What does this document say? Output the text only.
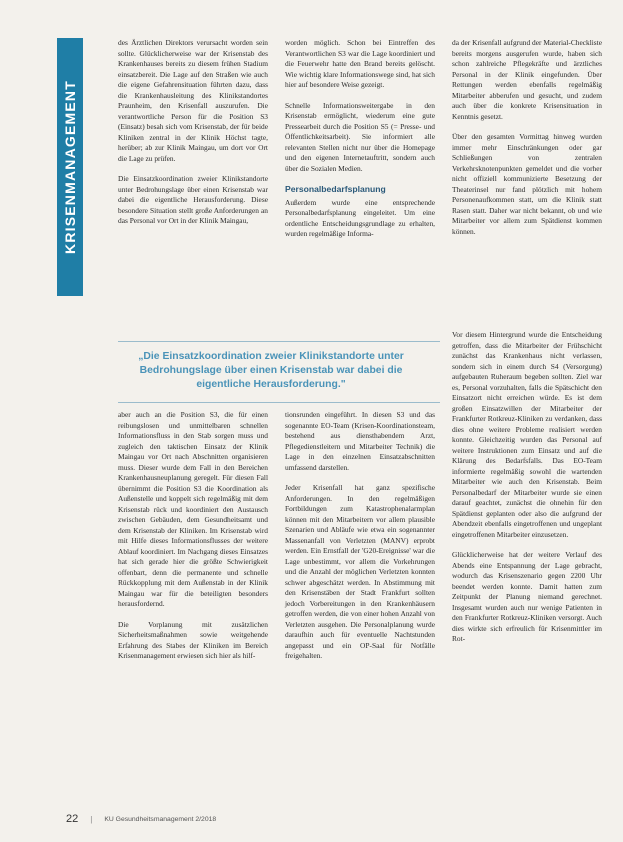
KRISENMANAGEMENT

des Ärztlichen Direktors verursacht worden sein sollte. Glücklicherweise war der Krisenstab des Krankenhauses bereits zu diesem frühen Stadium einsatzbereit. Die Lage auf den Straßen wie auch die eigene Gefahrensituation führten dazu, dass die Krankenhausleitung des Klinikstandortes Praunheim, den Krisenfall auszurufen. Die verantwortliche Person für die Position S3 (Einsatz) besah sich vom Krisenstab, der für beide Kliniken zentral in der Klinik Höchst tagte, herüber; ab zur Klinik Maingau, um dort vor Ort die Lage zu prüfen.

Die Einsatzkoordination zweier Klinikstandorte unter Bedrohungslage über einen Krisenstab war dabei die eigentliche Herausforderung. Diese besondere Situation stellt große Anforderungen an das Personal vor Ort in der Klinik Maingau,

worden möglich. Schon bei Eintreffen des Verantwortlichen S3 war die Lage koordiniert und die Feuerwehr hatte den Brand bereits gelöscht. Wie wichtig klare Informationswege sind, hat sich hier auf besondere Weise gezeigt.

Schnelle Informationsweitergabe in den Krisenstab ermöglicht, wiederum eine gute Pressearbeit durch die Position S5 (= Presse- und Öffentlichkeitsarbeit). Sie informiert alle relevanten Stellen nicht nur über die Homepage und den eigenen Internetauftritt, sondern auch über die Sozialen Medien.

Personalbedarfsplanung

Außerdem wurde eine entsprechende Personalbedarfsplanung eingeleitet. Um eine ordentliche Entscheidungsgrundlage zu erhalten, wurden regelmäßige Informa-

da der Krisenfall aufgrund der Material-Checkliste bereits morgens ausgerufen wurde, haben sich schon zahlreiche Pflegekräfte und ärztliches Personal in der Klinik eingefunden. Über Rettungen werden ebenfalls regelmäßig Mitarbeiter abberufen und gesucht, und zudem auch über die konkrete Krisensituation in Kenntnis gesetzt.

Über den gesamten Vormittag hinweg wurden immer mehr Einschränkungen oder gar Schließungen von zentralen Verkehrsknotenpunkten gemeldet und die vorher nicht offiziell kommunizierte Besetzung der Theaterinsel nur fand plötzlich mit hohem Personenaufkommen statt, um die Klinik statt Rasen statt. Daher war nicht bekannt, ob und wie Mitarbeiter vor allem zum Spätdienst kommen können.

„Die Einsatzkoordination zweier Klinikstandorte unter Bedrohungslage über einen Krisenstab war dabei die eigentliche Herausforderung."

aber auch an die Position S3, die für einen reibungslosen und unmittelbaren schnellen Informationsfluss in den Stab sorgen muss und zugleich den taktischen Einsatz der Klinik Maingau vor Ort nach Abschnitten organisieren muss. Dieser wurde dem Fall in den Bereichen Krankenhausneuplanung geregelt. Für diesen Fall übernimmt die Position S3 die Koordination als Außenstelle und koppelt sich regelmäßig mit dem Krisenstab rück und koordiniert den Austausch zwischen Gebäuden, dem Gesundheitsamt und dem Krisenstab der Kliniken. Im Krisenstab wird mit Hilfe dieses Informationsflusses der weitere Ablauf koordiniert. Im Nachgang dieses Einsatzes hat sich gerade hier die größte Schwierigkeit offenbart, denn die permanente und schnelle Rückkopplung mit dem Außenstab in der Klinik Maingau war für die beteiligten besonders herausfordernd.

Die Vorplanung mit zusätzlichen Sicherheitsmaßnahmen sowie weitgehende Erfahrung des Stabes der Kliniken im Bereich Krisenmanagement erwiesen sich hier als hilf-

tionsrunden eingeführt. In diesen S3 und das sogenannte EO-Team (Krisen-Koordinationsteam, bestehend aus diensthabendem Arzt, Pflegedienstleitern und Mitarbeiter Technik) die Lage in den einzelnen Einsatzabschnitten umfassend darstellen.

Jeder Krisenfall hat ganz spezifische Anforderungen. In den regelmäßigen Fortbildungen zum Katastrophenalarmplan können mit den Mitarbeitern vor allem plausible Szenarien und Abläufe wie etwa ein sogenannter Massenanfall von Verletzten (MANV) erprobt werden. Ein Ernstfall der 'G20-Ereignisse' war die Lage unbestimmt, vor allem die Vorkehrungen und die Anzahl der möglichen Verletzten konnten schwer abgeschätzt werden. In Abstimmung mit den Krisenstäben der Stadt Frankfurt sollten jedoch Vorbereitungen in den Krankenhäusern getroffen werden, die von einer hohen Anzahl von Verletzten ausgehen. Die Personalplanung wurde daraufhin auch für eventuelle Nachtstunden angepasst und ein OP-Saal für Notfälle freigehalten.

Vor diesem Hintergrund wurde die Entscheidung getroffen, dass die Mitarbeiter der Frühschicht zunächst das Krankenhaus nicht verlassen, sondern sich in einem durch S4 (Versorgung) aufgebauten Ruheraum begeben sollten. Ziel war es, Personal vorzuhalten, falls die Spätschicht den Einsatzort nicht erreichen würde. Es ist dem großen Einsatzwillen der Mitarbeiter der Frankfurter Rotkreuz-Kliniken zu verdanken, dass dies ohne weitere Probleme realisiert werden konnte. Gleichzeitig wurden das Personal auf weitere Instruktionen zum Einsatz und auf die Klärung des Bedarfsfalls. Das EO-Team informierte regelmäßig sowohl die wartenden Mitarbeiter wie auch den Krisenstab. Beim Personalbedarf der Mitarbeiter wurde sie einen darauf geachtet, zunächst die ohnehin für den Spätdienst geplanten oder also die aufgrund der Abendzeit ebenfalls eingetroffenen und ungeplant eingetroffenen Mitarbeiter einzusetzen.

Glücklicherweise hat der weitere Verlauf des Abends eine Entspannung der Lage gebracht, wodurch das Krisenszenario gegen 2200 Uhr beendet werden konnte. Damit hatten zum Zeitpunkt der Planung niemand gerechnet. Insgesamt wurden auch nur wenige Patienten in den Frankfurter Rotkreuz-Kliniken versorgt. Auch dies wirkte sich erfreulich für Krisenmittler im Rot-

22 | KU Gesundheitsmanagement 2/2018
